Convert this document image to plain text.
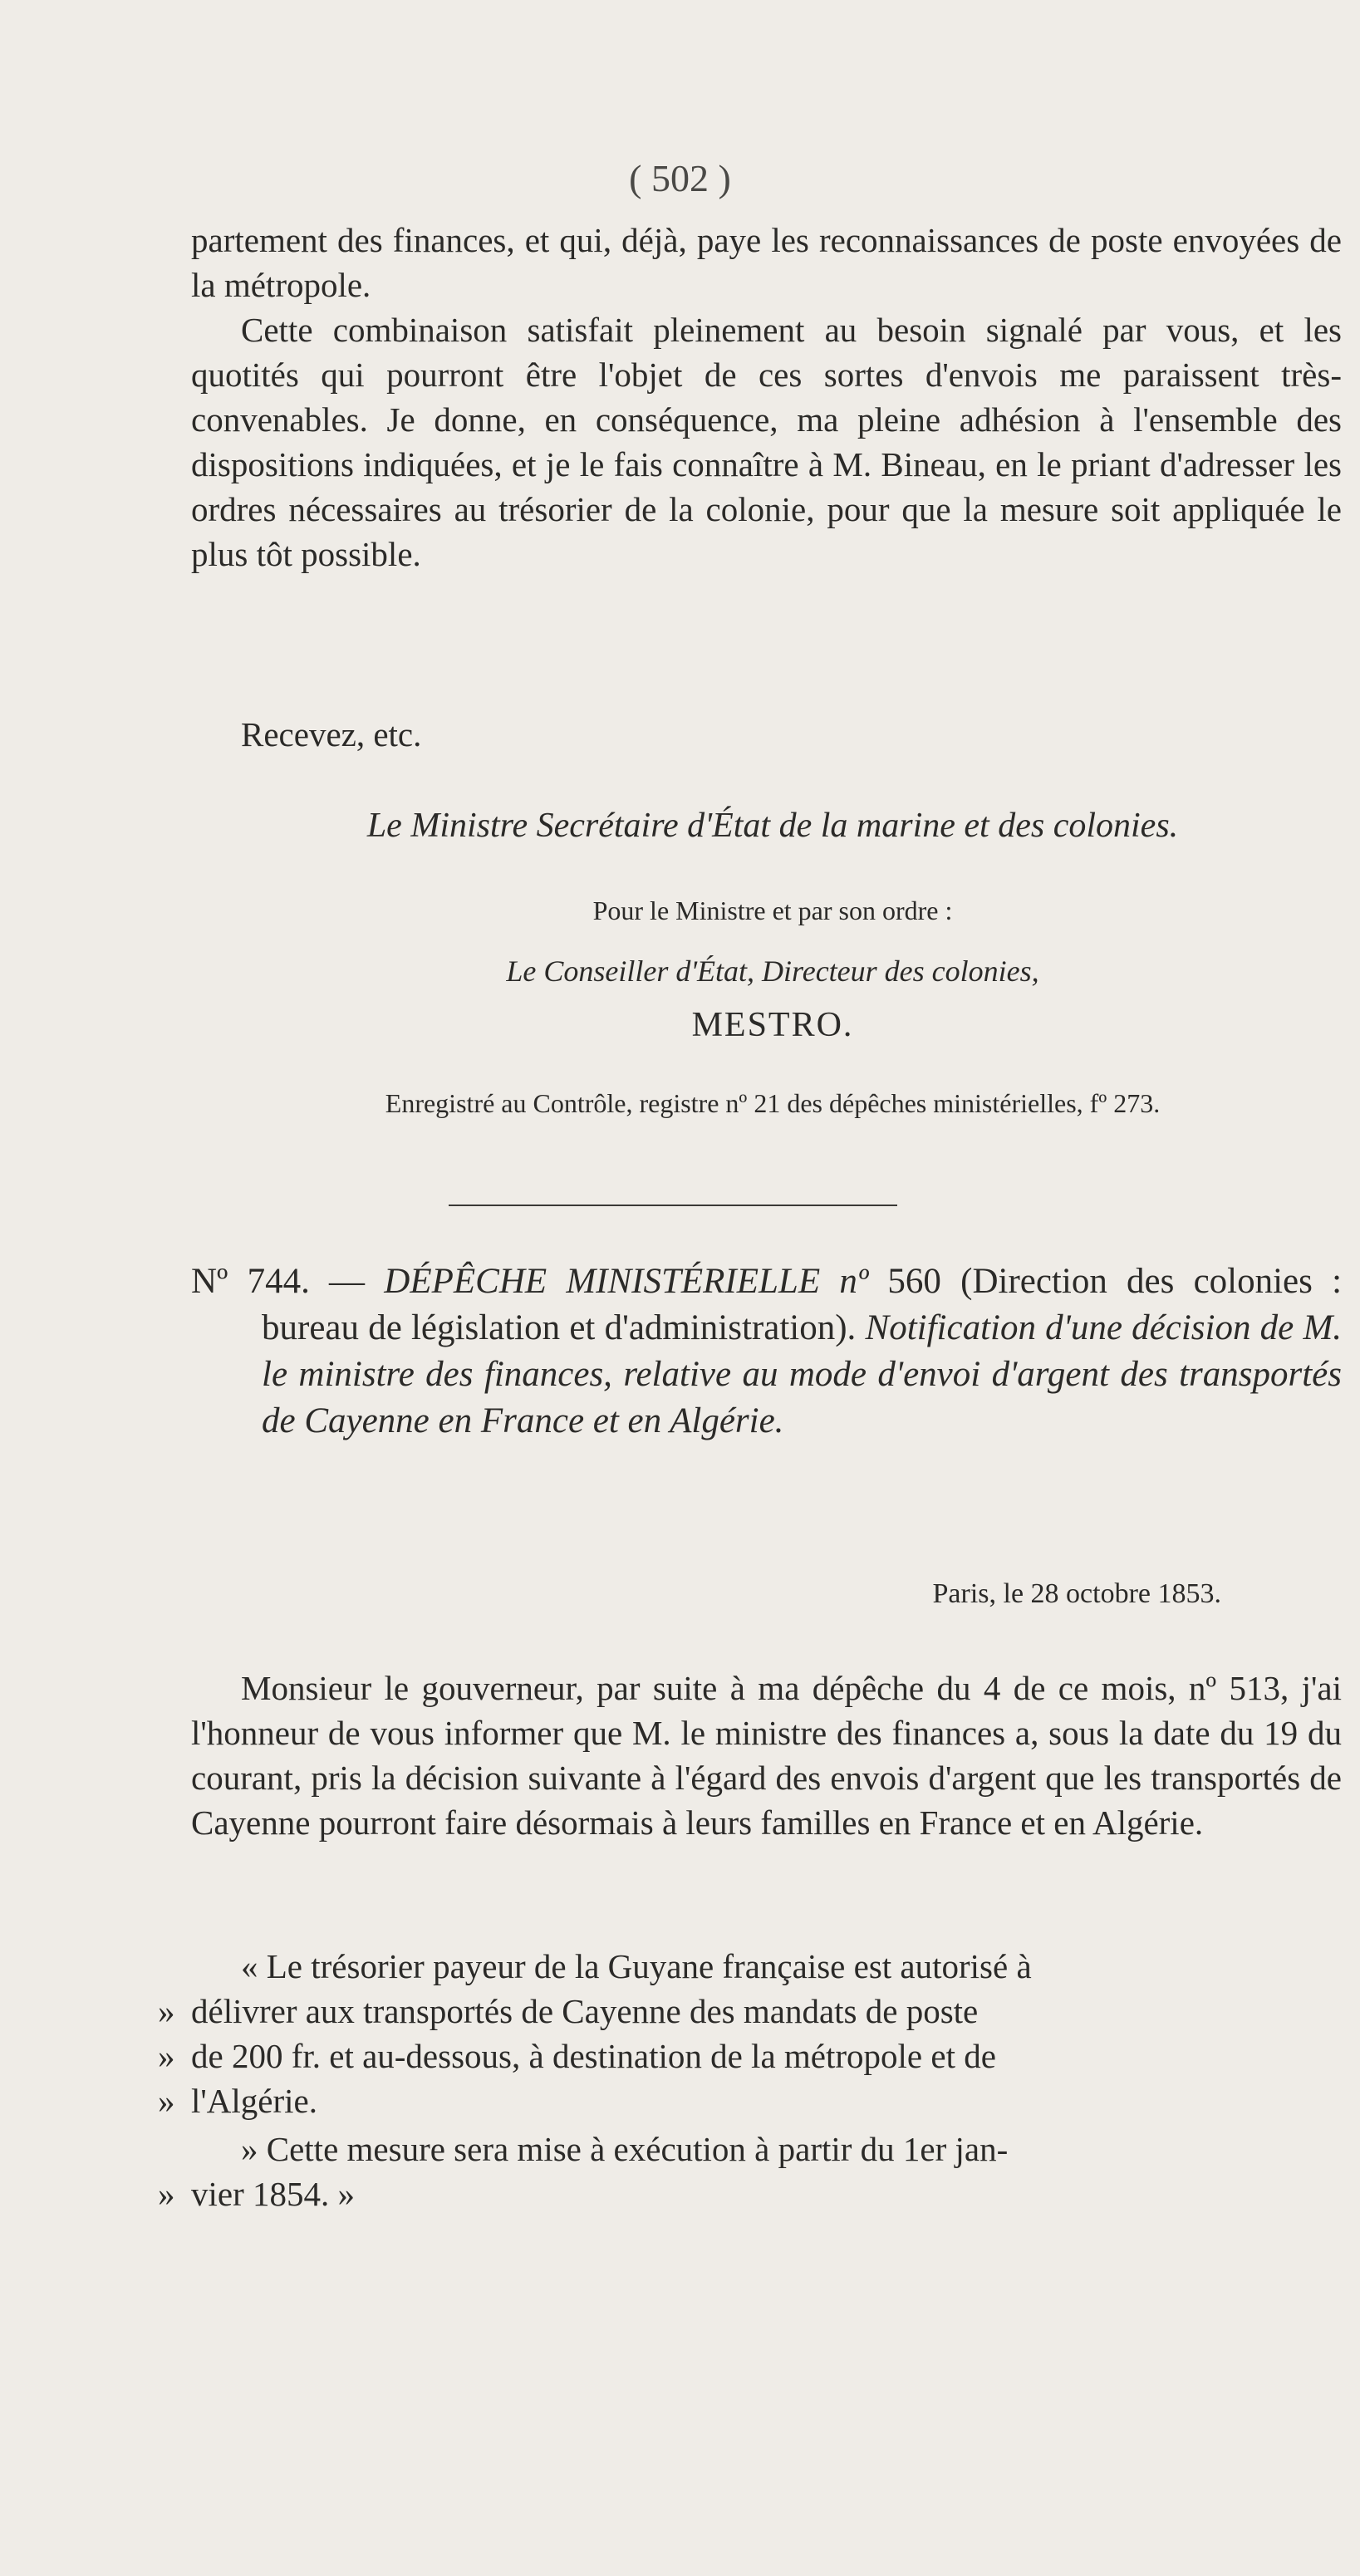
( 502 )
partement des finances, et qui, déjà, paye les reconnaissances de poste envoyées de la métropole.
Cette combinaison satisfait pleinement au besoin signalé par vous, et les quotités qui pourront être l'objet de ces sortes d'envois me paraissent très-convenables. Je donne, en conséquence, ma pleine adhésion à l'ensemble des dispositions indiquées, et je le fais connaître à M. Bineau, en le priant d'adresser les ordres nécessaires au trésorier de la colonie, pour que la mesure soit appliquée le plus tôt possible.
Recevez, etc.
Le Ministre Secrétaire d'État de la marine et des colonies.
Pour le Ministre et par son ordre :
Le Conseiller d'État, Directeur des colonies,
MESTRO.
Enregistré au Contrôle, registre nº 21 des dépêches ministérielles, fº 273.
Nº 744. — DÉPÊCHE MINISTÉRIELLE nº 560 (Direction des colonies : bureau de législation et d'administration). Notification d'une décision de M. le ministre des finances, relative au mode d'envoi d'argent des transportés de Cayenne en France et en Algérie.
Paris, le 28 octobre 1853.
Monsieur le gouverneur, par suite à ma dépêche du 4 de ce mois, nº 513, j'ai l'honneur de vous informer que M. le ministre des finances a, sous la date du 19 du courant, pris la décision suivante à l'égard des envois d'argent que les transportés de Cayenne pourront faire désormais à leurs familles en France et en Algérie.
« Le trésorier payeur de la Guyane française est autorisé à
» délivrer aux transportés de Cayenne des mandats de poste
» de 200 fr. et au-dessous, à destination de la métropole et de
» l'Algérie.
» Cette mesure sera mise à exécution à partir du 1er jan-
» vier 1854. »
